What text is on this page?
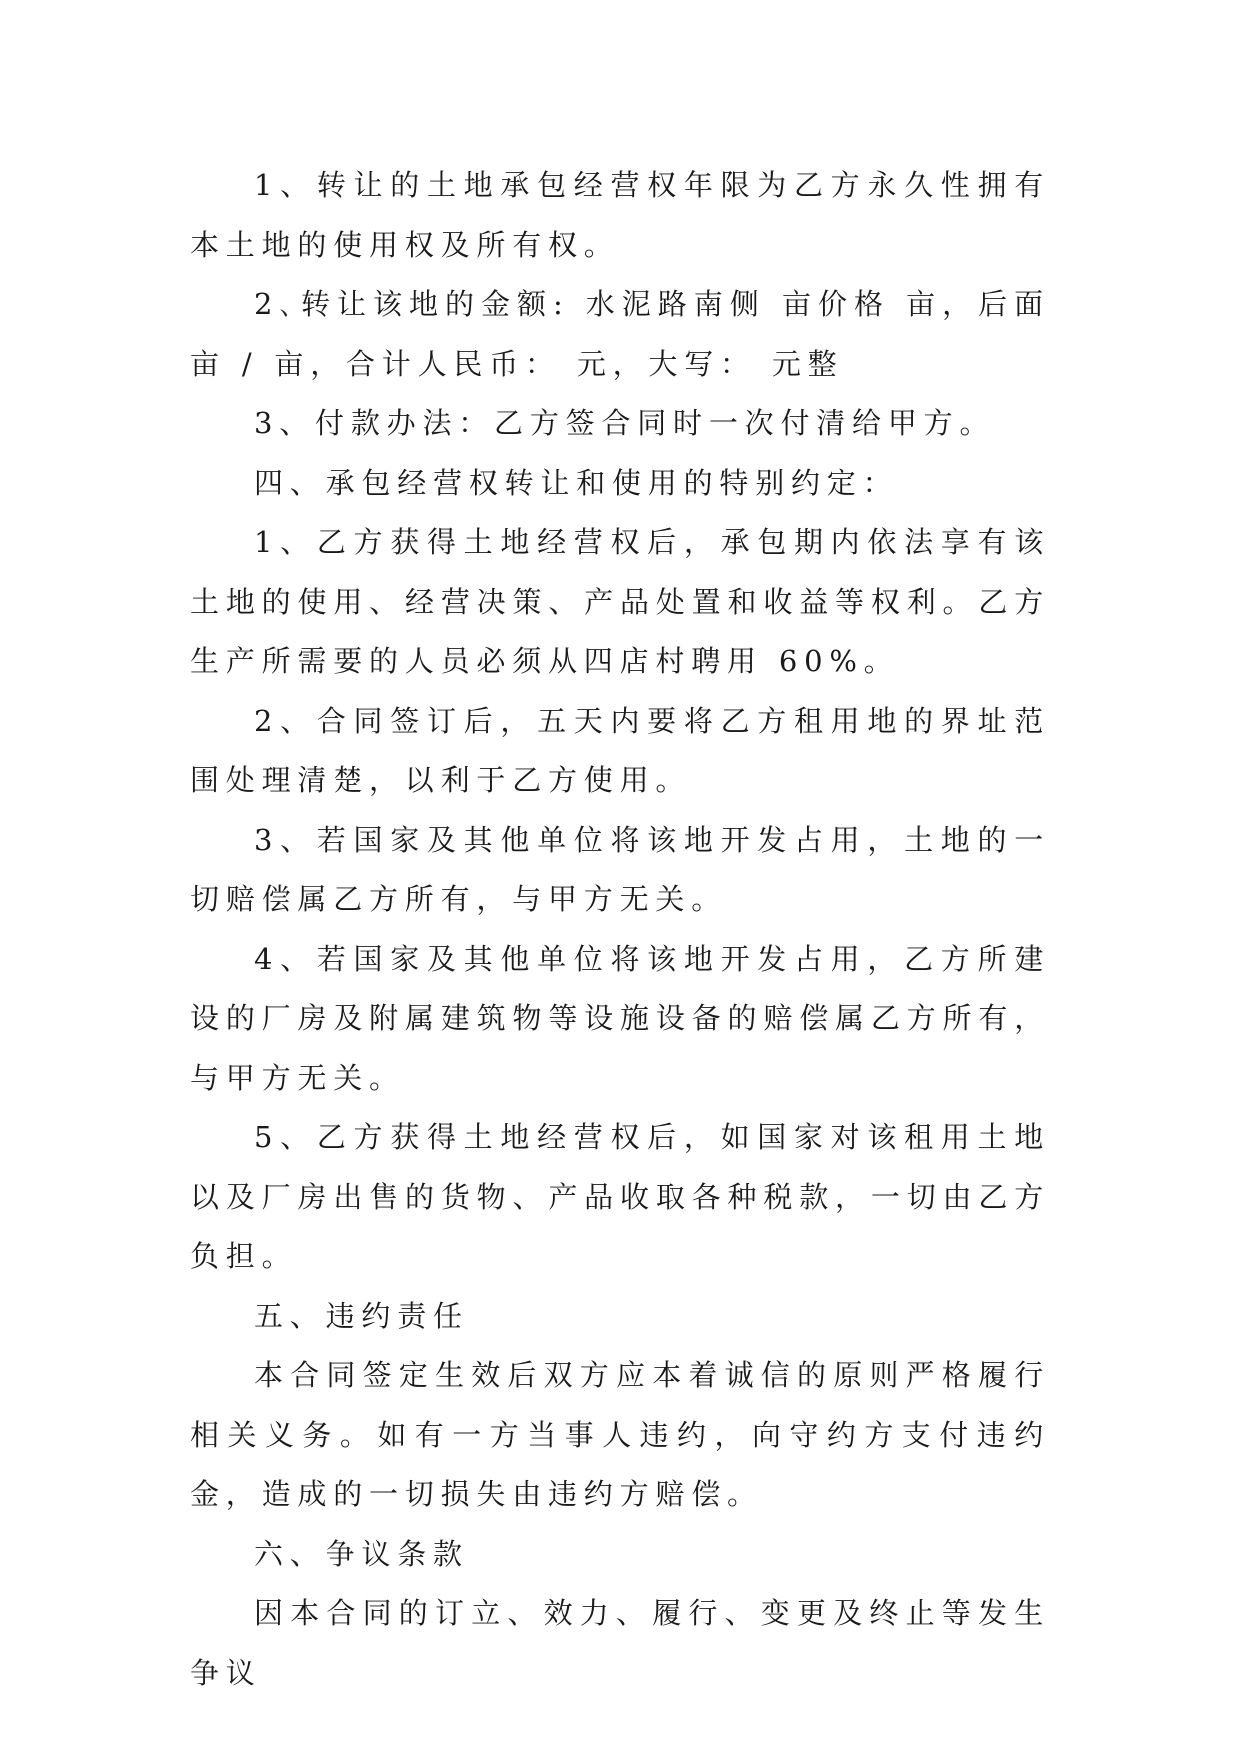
1、转让的土地承包经营权年限为乙方永久性拥有本土地的使用权及所有权。

2､转让该地的金额: 水泥路南侧 亩价格 亩，后面 亩 / 亩，合计人民币： 元，大写： 元整

3、付款办法：乙方签合同时一次付清给甲方。

四、承包经营权转让和使用的特别约定：

1、乙方获得土地经营权后，承包期内依法享有该土地的使用、经营决策、产品处置和收益等权利。乙方生产所需要的人员必须从四店村聘用 60%。

2、合同签订后，五天内要将乙方租用地的界址范围处理清楚，以利于乙方使用。

3、若国家及其他单位将该地开发占用，土地的一切赔偿属乙方所有，与甲方无关。

4、若国家及其他单位将该地开发占用，乙方所建设的厂房及附属建筑物等设施设备的赔偿属乙方所有，与甲方无关。

5、乙方获得土地经营权后，如国家对该租用土地以及厂房出售的货物、产品收取各种税款，一切由乙方负担。

五、违约责任

本合同签定生效后双方应本着诚信的原则严格履行相关义务。如有一方当事人违约，向守约方支付违约金，造成的一切损失由违约方赔偿。

六、争议条款

因本合同的订立、效力、履行、变更及终止等发生争议
